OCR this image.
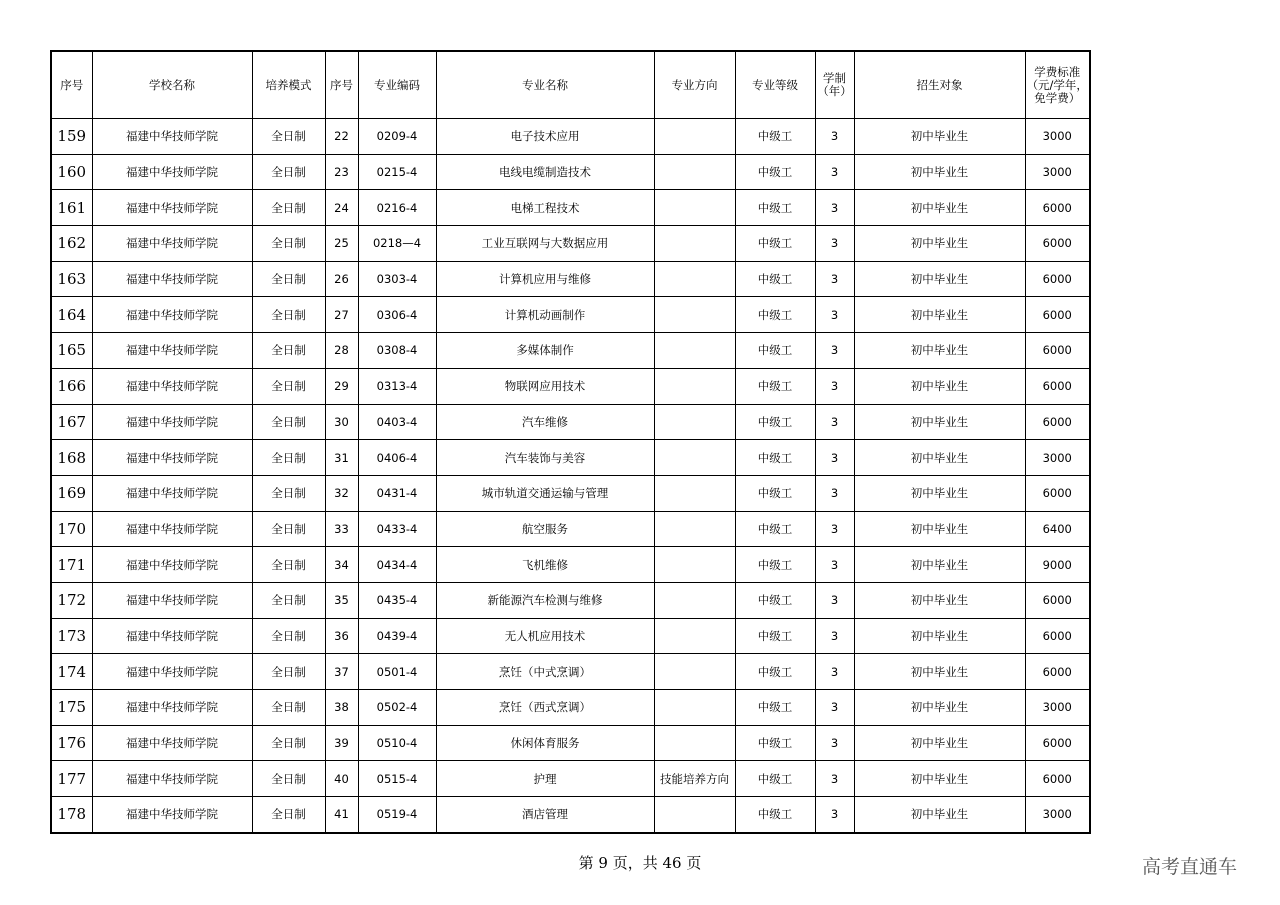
序号	学校名称	培养模式	序号	专业编码	专业名称	专业方向	专业等级	学制（年）	招生对象	学费标准（元/学年，免学费）
159	福建中华技师学院	全日制	22	0209-4	电子技术应用		中级工	3	初中毕业生	3000
160	福建中华技师学院	全日制	23	0215-4	电线电缆制造技术		中级工	3	初中毕业生	3000
161	福建中华技师学院	全日制	24	0216-4	电梯工程技术		中级工	3	初中毕业生	6000
162	福建中华技师学院	全日制	25	0218—4	工业互联网与大数据应用		中级工	3	初中毕业生	6000
163	福建中华技师学院	全日制	26	0303-4	计算机应用与维修		中级工	3	初中毕业生	6000
164	福建中华技师学院	全日制	27	0306-4	计算机动画制作		中级工	3	初中毕业生	6000
165	福建中华技师学院	全日制	28	0308-4	多媒体制作		中级工	3	初中毕业生	6000
166	福建中华技师学院	全日制	29	0313-4	物联网应用技术		中级工	3	初中毕业生	6000
167	福建中华技师学院	全日制	30	0403-4	汽车维修		中级工	3	初中毕业生	6000
168	福建中华技师学院	全日制	31	0406-4	汽车装饰与美容		中级工	3	初中毕业生	3000
169	福建中华技师学院	全日制	32	0431-4	城市轨道交通运输与管理		中级工	3	初中毕业生	6000
170	福建中华技师学院	全日制	33	0433-4	航空服务		中级工	3	初中毕业生	6400
171	福建中华技师学院	全日制	34	0434-4	飞机维修		中级工	3	初中毕业生	9000
172	福建中华技师学院	全日制	35	0435-4	新能源汽车检测与维修		中级工	3	初中毕业生	6000
173	福建中华技师学院	全日制	36	0439-4	无人机应用技术		中级工	3	初中毕业生	6000
174	福建中华技师学院	全日制	37	0501-4	烹饪（中式烹调）		中级工	3	初中毕业生	6000
175	福建中华技师学院	全日制	38	0502-4	烹饪（西式烹调）		中级工	3	初中毕业生	3000
176	福建中华技师学院	全日制	39	0510-4	休闲体育服务		中级工	3	初中毕业生	6000
177	福建中华技师学院	全日制	40	0515-4	护理	技能培养方向	中级工	3	初中毕业生	6000
178	福建中华技师学院	全日制	41	0519-4	酒店管理		中级工	3	初中毕业生	3000
第 9 页，共 46 页	高考直通车
